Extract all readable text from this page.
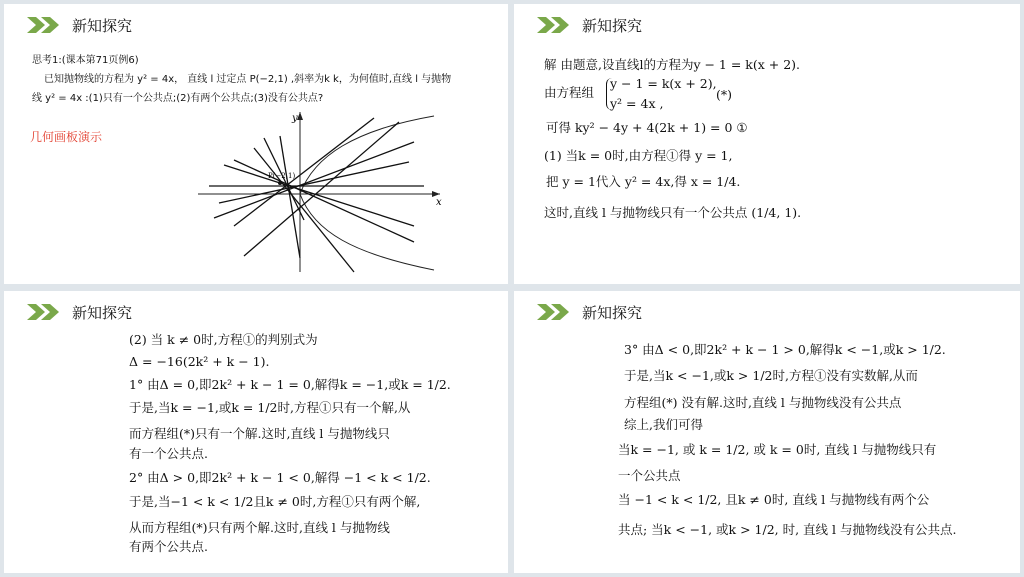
新知探究
思考1:(课本第71页例6)
已知抛物线的方程为 y² = 4x， 直线 l 过定点 P(−2,1) ,斜率为k k，为何值时,直线 l 与抛物
线 y² = 4x :(1)只有一个公共点;(2)有两个公共点;(3)没有公共点?
几何画板演示
x
y
P(−2,1)
新知探究
解 由题意,设直线l的方程为y − 1 = k(x + 2).
由方程组
y − 1 = k(x + 2),
y² = 4x ,
(*)
可得 ky² − 4y + 4(2k + 1) = 0 ①
(1) 当k = 0时,由方程①得 y = 1,
把 y = 1代入 y² = 4x,得 x = 1/4.
这时,直线 l 与抛物线只有一个公共点 (1/4, 1).
新知探究
(2) 当 k ≠ 0时,方程①的判别式为
Δ = −16(2k² + k − 1).
1° 由Δ = 0,即2k² + k − 1 = 0,解得k = −1,或k = 1/2.
于是,当k = −1,或k = 1/2时,方程①只有一个解,从
而方程组(*)只有一个解.这时,直线 l 与抛物线只
有一个公共点.
2° 由Δ > 0,即2k² + k − 1 < 0,解得 −1 < k < 1/2.
于是,当−1 < k < 1/2且k ≠ 0时,方程①只有两个解,
从而方程组(*)只有两个解.这时,直线 l 与抛物线
有两个公共点.
新知探究
3° 由Δ < 0,即2k² + k − 1 > 0,解得k < −1,或k > 1/2.
于是,当k < −1,或k > 1/2时,方程①没有实数解,从而
方程组(*) 没有解.这时,直线 l 与抛物线没有公共点
综上,我们可得
当k = −1, 或 k = 1/2, 或 k = 0时, 直线 l 与抛物线只有
一个公共点
当 −1 < k < 1/2, 且k ≠ 0时, 直线 l 与抛物线有两个公
共点; 当k < −1, 或k > 1/2, 时, 直线 l 与抛物线没有公共点.
